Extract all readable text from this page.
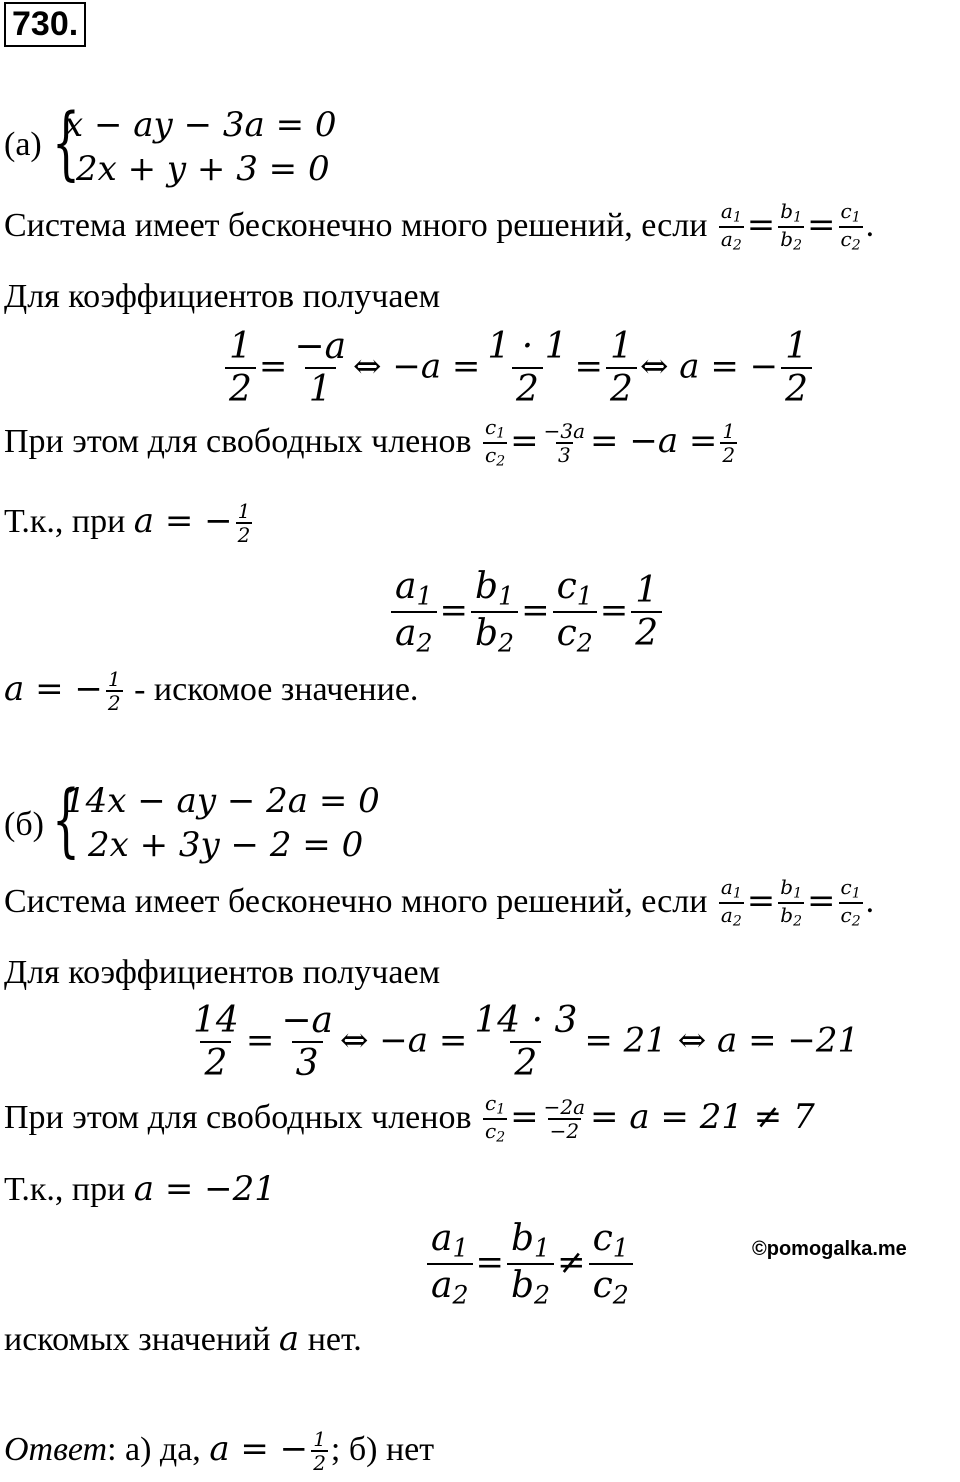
730.
(а) {
x − ay − 3a = 0
2x + y + 3 = 0
Система имеет бесконечно много решений, если $\frac{a_1}{a_2} = \frac{b_1}{b_2} = \frac{c_1}{c_2}$ .
Для коэффициентов получаем
$\frac{1}{2} = \frac{-a}{1}$ ⇔ $-a = \frac{1 \cdot 1}{2} = \frac{1}{2}$ ⇔ a = − $\frac{1}{2}$
При этом для свободных членов $\frac{c_1}{c_2} = \frac{-3a}{3} = -a = \frac{1}{2}$
Т.к., при a = − $\frac{1}{2}$
$\frac{a_1}{a_2} = \frac{b_1}{b_2} = \frac{c_1}{c_2} = \frac{1}{2}$
a = − $\frac{1}{2}$ - искомое значение.
(б) {
14x − ay − 2a = 0
2x + 3y − 2 = 0
Система имеет бесконечно много решений, если $\frac{a_1}{a_2} = \frac{b_1}{b_2} = \frac{c_1}{c_2}$ .
Для коэффициентов получаем
$\frac{14}{2} = \frac{-a}{3}$ ⇔ $-a = \frac{14 \cdot 3}{2} = 21$ ⇔ a = −21
При этом для свободных членов $\frac{c_1}{c_2} = \frac{-2a}{-2} = a = 21 \ne 7$
Т.к., при a = −21
$\frac{a_1}{a_2} = \frac{b_1}{b_2} \ne \frac{c_1}{c_2}$	©pomogalka.me
искомых значений a нет.
Ответ: а) да, a = − $\frac{1}{2}$ ; б) нет
